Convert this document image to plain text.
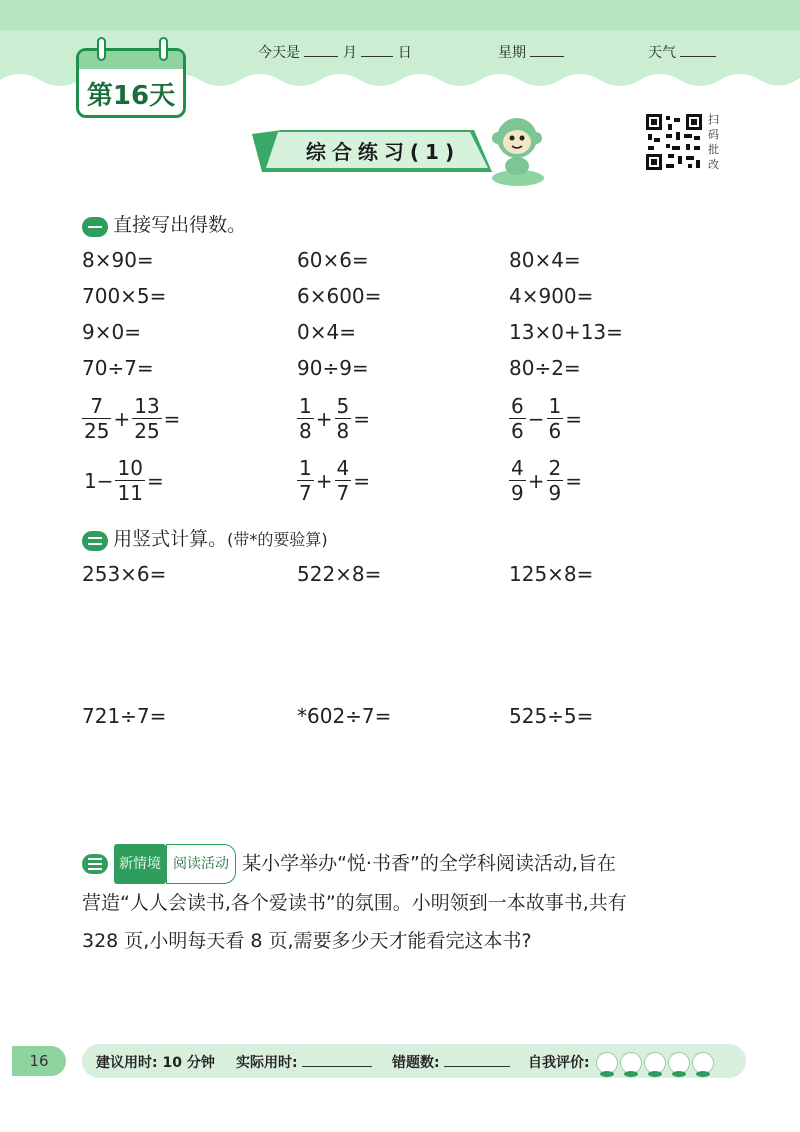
第16天
今天是	月	日	星期	天气
综合练习(1)
扫
码
批
改
直接写出得数。
8×90=	60×6=	80×4=
700×5=	6×600=	4×900=
9×0=	0×4=	13×0+13=
70÷7=	90÷9=	80÷2=
$\frac{7}{25} + \frac{13}{25}$ =	$\frac{1}{8} + \frac{5}{8}$ =	$\frac{6}{6} - \frac{1}{6}$ =
$1- \frac{10}{11}$ =	$\frac{1}{7} + \frac{4}{7}$ =	$\frac{4}{9} + \frac{2}{9}$ =
用竖式计算。(带*的要验算)
253×6=	522×8=	125×8=
721÷7=	*602÷7=	525÷5=
新情境 阅读活动 某小学举办“悦·书香”的全学科阅读活动,旨在
营造“人人会读书,各个爱读书”的氛围。小明领到一本故事书,共有
328 页,小明每天看 8 页,需要多少天才能看完这本书?
16	建议用时: 10 分钟 实际用时:	错题数:	自我评价:
